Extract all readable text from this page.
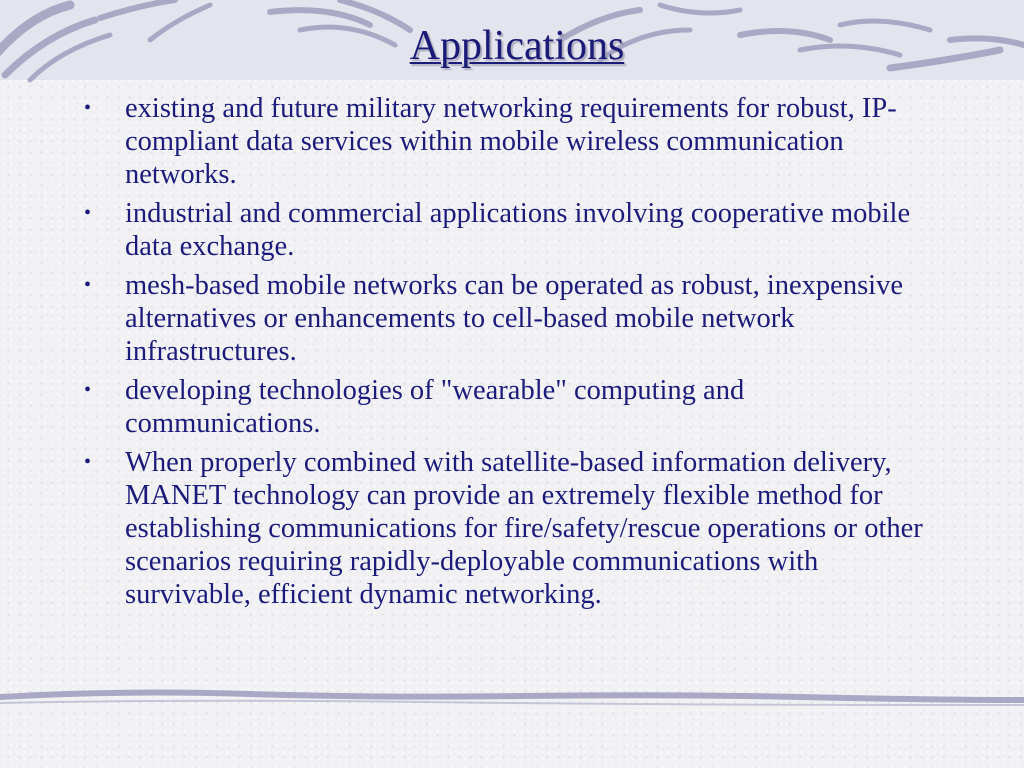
Applications
• existing and future military networking requirements for robust, IP-compliant data services within mobile wireless communication networks.
• industrial and commercial applications involving cooperative mobile data exchange.
• mesh-based mobile networks can be operated as robust, inexpensive alternatives or enhancements to cell-based mobile network infrastructures.
• developing technologies of "wearable" computing and communications.
• When properly combined with satellite-based information delivery, MANET technology can provide an extremely flexible method for establishing communications for fire/safety/rescue operations or other scenarios requiring rapidly-deployable communications with survivable, efficient dynamic networking.
